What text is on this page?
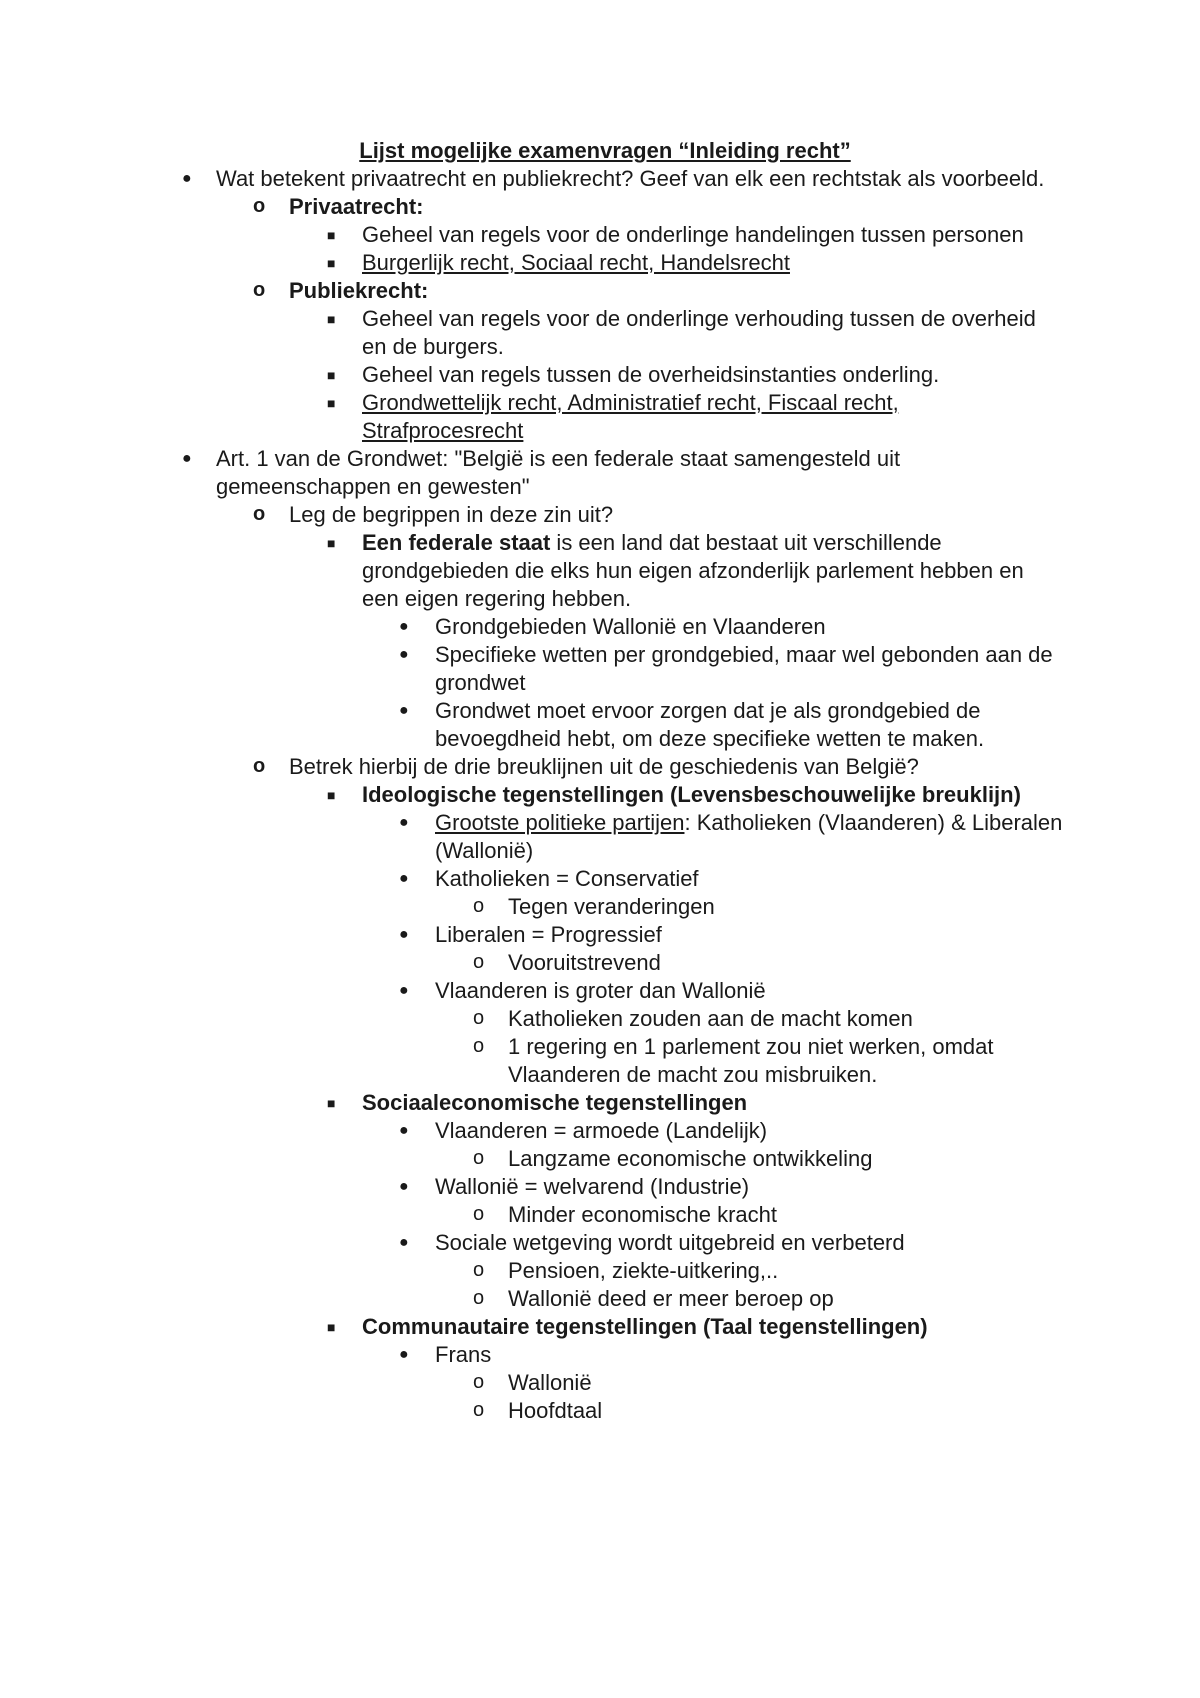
Lijst mogelijke examenvragen “Inleiding recht”
● Wat betekent privaatrecht en publiekrecht? Geef van elk een rechtstak als voorbeeld.
o Privaatrecht:
■ Geheel van regels voor de onderlinge handelingen tussen personen
■ Burgerlijk recht, Sociaal recht, Handelsrecht
o Publiekrecht:
■ Geheel van regels voor de onderlinge verhouding tussen de overheid en de burgers.
■ Geheel van regels tussen de overheidsinstanties onderling.
■ Grondwettelijk recht, Administratief recht, Fiscaal recht, Strafprocesrecht
● Art. 1 van de Grondwet: "België is een federale staat samengesteld uit gemeenschappen en gewesten"
o Leg de begrippen in deze zin uit?
■ Een federale staat is een land dat bestaat uit verschillende grondgebieden die elks hun eigen afzonderlijk parlement hebben en een eigen regering hebben.
● Grondgebieden Wallonië en Vlaanderen
● Specifieke wetten per grondgebied, maar wel gebonden aan de grondwet
● Grondwet moet ervoor zorgen dat je als grondgebied de bevoegdheid hebt, om deze specifieke wetten te maken.
o Betrek hierbij de drie breuklijnen uit de geschiedenis van België?
■ Ideologische tegenstellingen (Levensbeschouwelijke breuklijn)
● Grootste politieke partijen: Katholieken (Vlaanderen) & Liberalen (Wallonië)
● Katholieken = Conservatief
o Tegen veranderingen
● Liberalen = Progressief
o Vooruitstrevend
● Vlaanderen is groter dan Wallonië
o Katholieken zouden aan de macht komen
o 1 regering en 1 parlement zou niet werken, omdat Vlaanderen de macht zou misbruiken.
■ Sociaaleconomische tegenstellingen
● Vlaanderen = armoede (Landelijk)
o Langzame economische ontwikkeling
● Wallonië = welvarend (Industrie)
o Minder economische kracht
● Sociale wetgeving wordt uitgebreid en verbeterd
o Pensioen, ziekte-uitkering,..
o Wallonië deed er meer beroep op
■ Communautaire tegenstellingen (Taal tegenstellingen)
● Frans
o Wallonië
o Hoofdtaal
